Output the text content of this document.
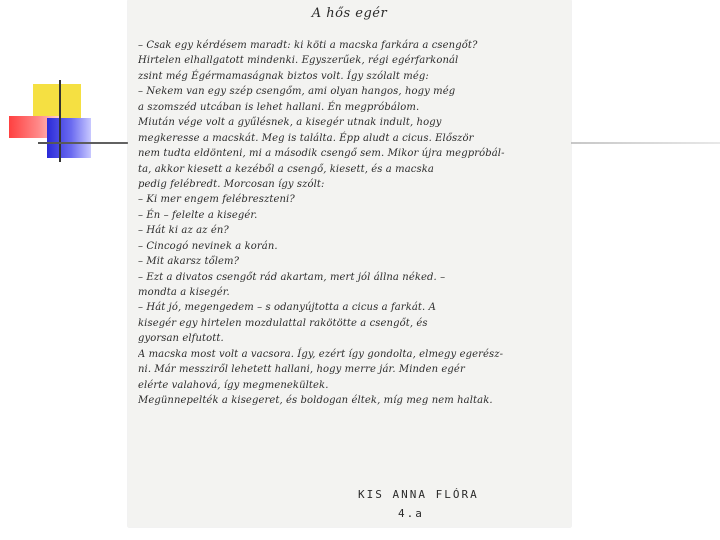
A hős egér
– Csak egy kérdésem maradt: ki köti a macska farkára a csengőt?
Hirtelen elhallgatott mindenki. Egyszerűek, régi egérfarkonál
zsint még Égérmamaságnak biztos volt. Így szólalt még:
– Nekem van egy szép csengőm, ami olyan hangos, hogy még
a szomszéd utcában is lehet hallani. Én megpróbálom.
Miután vége volt a gyűlésnek, a kisegér utnak indult, hogy
megkeresse a macskát. Meg is találta. Épp aludt a cicus. Először
nem tudta eldönteni, mi a második csengő sem. Mikor újra megpróbál-
ta, akkor kiesett a kezéből a csengő, kiesett, és a macska
pedig felébredt. Morcosan így szólt:
– Ki mer engem felébreszteni?
– Én – felelte a kisegér.
– Hát ki az az én?
– Cincogó nevinek a korán.
– Mit akarsz tőlem?
– Ezt a divatos csengőt rád akartam, mert jól állna néked. –
mondta a kisegér.
– Hát jó, megengedem – s odanyújtotta a cicus a farkát. A
kisegér egy hirtelen mozdulattal rakötötte a csengőt, és
gyorsan elfutott.
A macska most volt a vacsora. Így, ezért így gondolta, elmegy egerész-
ni. Már messziről lehetett hallani, hogy merre jár. Minden egér
elérte valahová, így megmenekültek.
Megünnepelték a kisegeret, és boldogan éltek, míg meg nem haltak.
KIS ANNA FLÓRA
4.a
